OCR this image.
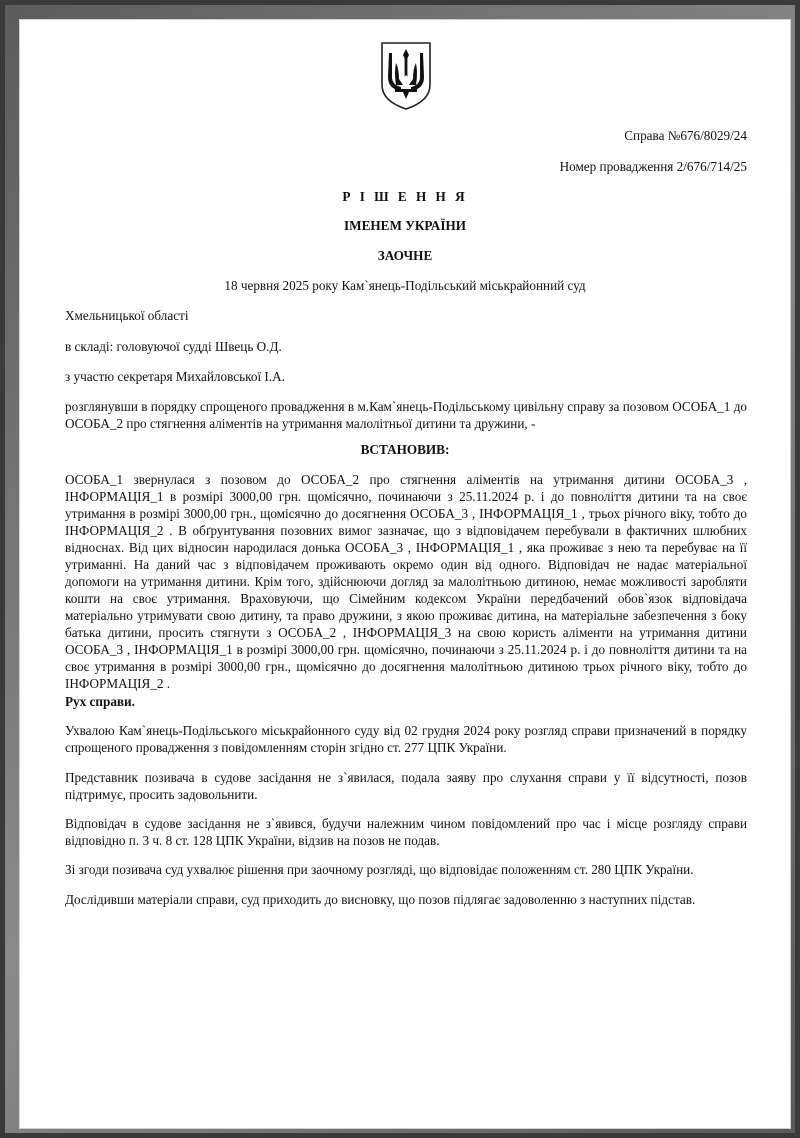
Справа №676/8029/24
Номер провадження 2/676/714/25
Р І Ш Е Н Н Я
ІМЕНЕМ УКРАЇНИ
ЗАОЧНЕ
18 червня 2025 року Кам`янець-Подільський міськрайонний суд
Хмельницької області
в складі: головуючої судді Швець О.Д.
з участю секретаря Михайловської І.А.
розглянувши в порядку спрощеного провадження в м.Кам`янець-Подільському цивільну справу за позовом ОСОБА_1 до ОСОБА_2 про стягнення аліментів на утримання малолітньої дитини та дружини, -
ВСТАНОВИВ:
ОСОБА_1 звернулася з позовом до ОСОБА_2 про стягнення аліментів на утримання дитини ОСОБА_3 , ІНФОРМАЦІЯ_1 в розмірі 3000,00 грн. щомісячно, починаючи з 25.11.2024 р. і до повноліття дитини та на своє утримання в розмірі 3000,00 грн., щомісячно до досягнення ОСОБА_3 , ІНФОРМАЦІЯ_1 , трьох річного віку, тобто до ІНФОРМАЦІЯ_2 . В обґрунтування позовних вимог зазначає, що з відповідачем перебували в фактичних шлюбних відноснах. Від цих відносин народилася донька ОСОБА_3 , ІНФОРМАЦІЯ_1 , яка проживає з нею та перебуває на її утриманні. На даний час з відповідачем проживають окремо один від одного. Відповідач не надає матеріальної допомоги на утримання дитини. Крім того, здійснюючи догляд за малолітньою дитиною, немає можливості заробляти кошти на своє утримання. Враховуючи, що Сімейним кодексом України передбачений обов`язок відповідача матеріально утримувати свою дитину, та право дружини, з якою проживає дитина, на матеріальне забезпечення з боку батька дитини, просить стягнути з ОСОБА_2 , ІНФОРМАЦІЯ_3 на свою користь аліменти на утримання дитини ОСОБА_3 , ІНФОРМАЦІЯ_1 в розмірі 3000,00 грн. щомісячно, починаючи з 25.11.2024 р. і до повноліття дитини та на своє утримання в розмірі 3000,00 грн., щомісячно до досягнення малолітньою дитиною трьох річного віку, тобто до ІНФОРМАЦІЯ_2 .
Рух справи.
Ухвалою Кам`янець-Подільського міськрайонного суду від 02 грудня 2024 року розгляд справи призначений в порядку спрощеного провадження з повідомленням сторін згідно ст. 277 ЦПК України.
Представник позивача в судове засідання не з`явилася, подала заяву про слухання справи у її відсутності, позов підтримує, просить задовольнити.
Відповідач в судове засідання не з`явився, будучи належним чином повідомлений про час і місце розгляду справи відповідно п. 3 ч. 8 ст. 128 ЦПК України, відзив на позов не подав.
Зі згоди позивача суд ухвалює рішення при заочному розгляді, що відповідає положенням ст. 280 ЦПК України.
Дослідивши матеріали справи, суд приходить до висновку, що позов підлягає задоволенню з наступних підстав.
